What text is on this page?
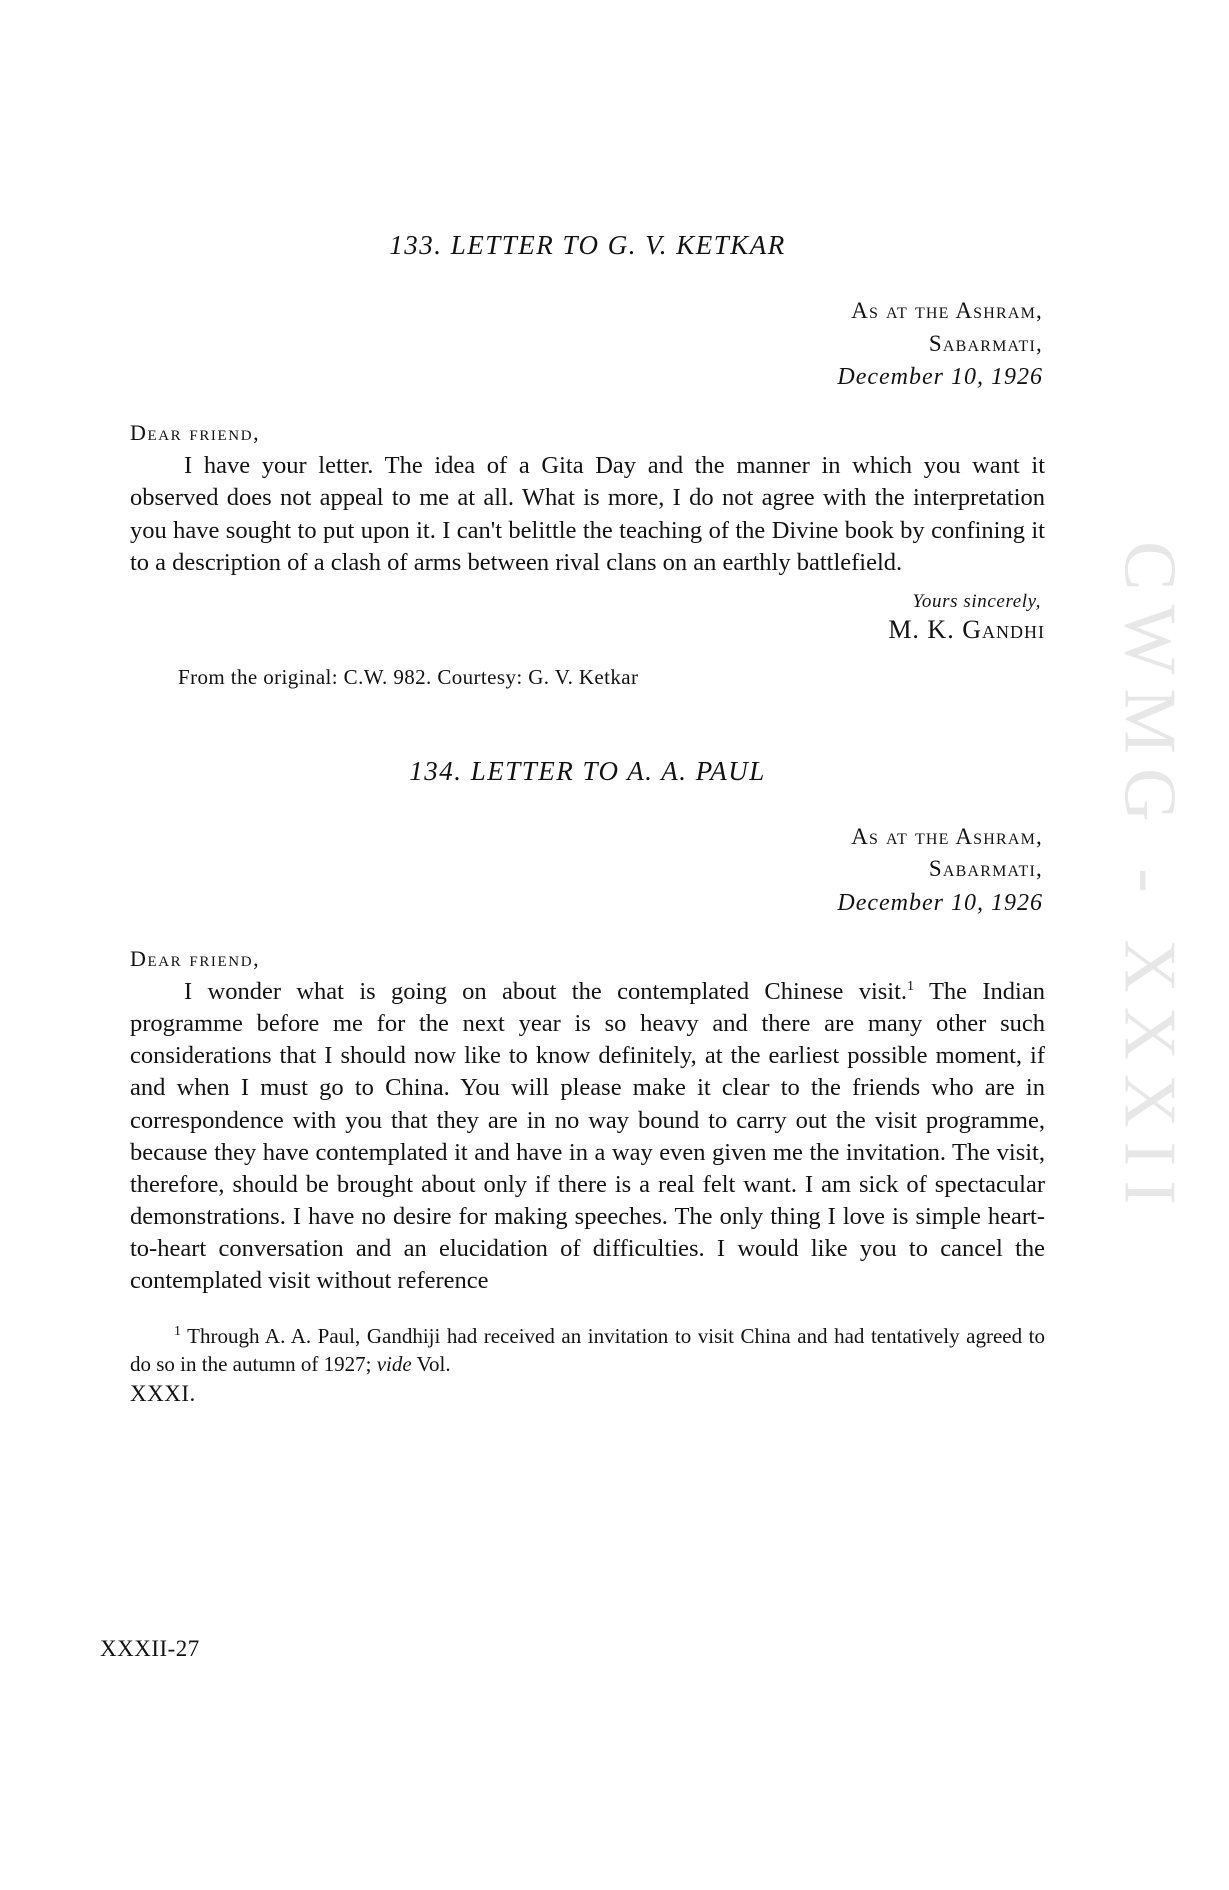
CWMG - XXXII
133. LETTER TO G. V. KETKAR
As at the Ashram,
Sabarmati,
December 10, 1926
Dear friend,

I have your letter. The idea of a Gita Day and the manner in which you want it observed does not appeal to me at all. What is more, I do not agree with the interpretation you have sought to put upon it. I can't belittle the teaching of the Divine book by confining it to a description of a clash of arms between rival clans on an earthly battlefield.

Yours sincerely,
M. K. Gandhi
From the original: C.W. 982. Courtesy: G. V. Ketkar
134. LETTER TO A. A. PAUL
As at the Ashram,
Sabarmati,
December 10, 1926
Dear friend,

I wonder what is going on about the contemplated Chinese visit.$^1$ The Indian programme before me for the next year is so heavy and there are many other such considerations that I should now like to know definitely, at the earliest possible moment, if and when I must go to China. You will please make it clear to the friends who are in correspondence with you that they are in no way bound to carry out the visit programme, because they have contemplated it and have in a way even given me the invitation. The visit, therefore, should be brought about only if there is a real felt want. I am sick of spectacular demonstrations. I have no desire for making speeches. The only thing I love is simple heart-to-heart conversation and an elucidation of difficulties. I would like you to cancel the contemplated visit without reference

$^1$ Through A. A. Paul, Gandhiji had received an invitation to visit China and had tentatively agreed to do so in the autumn of 1927; vide Vol.
XXXI.
XXXII-27
